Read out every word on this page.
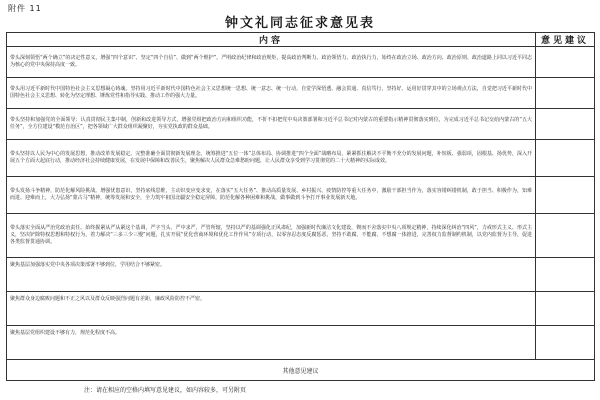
附件 11
钟文礼同志征求意见表
内容	意见建议
带头深刻领悟“两个确立”的决定性意义，增强“四个意识”、坚定“四个自信”、做到“两个维护”。严明政治纪律和政治规矩，提高政治判断力、政治领悟力、政治执行力，始终在政治立场、政治方向、政治原则、政治道路上同以习近平同志为核心的党中央保持高度一致。	
带头用习近平新时代中国特色社会主义思想凝心铸魂。坚持用习近平新时代中国特色社会主义思想统一思想、统一意志、统一行动，自觉学深悟透、融会贯通、真信笃行，坚持好、运用好贯穿其中的立场观点方法，自觉把习近平新时代中国特色社会主义思想、转化为坚定理想、锤炼党性和指导实践、推动工作的强大力量。	
带头坚持和加强党的全面领导：认真贯彻民主集中制，创新和改进领导方式，增强党组把政治方向和组织功能，不折不扣把党中央决策部署和习近平总书记对内蒙古的重要指示精神贯彻落实到位，为完成习近平总书记交给内蒙古的“五大任务”，全方位建设“模范自治区”，把各领域广大群众组织凝聚好，夯实党执政的群众基础。	
带头坚持以人民为中心的发展思想，推动改革发展稳定。完整准确全面贯彻新发展理念，统筹推进“五位一体”总体布局、协调推进“四个全面”战略布局，紧紧抓住解决不平衡不充分的发展问题，补短板、强弱项，固根基、扬优势，深入开展五个方面大起底行动，推动经济社会持续健康发展，在发展中保障和改善民生，聚焦解决人民群众急难愁盼问题，让人民群众享受到学习贯彻党的二十大精神的实际成效。	
带头发扬斗争精神，防范化解风险挑战。增强忧患意识，坚持底线思维，主动识变应变求变，在落实“五大任务”、推动高质量发展、乡村振兴、疫情防控等重大任务中，激励干部担当作为，落实容错纠错机制，敢于担当、积极作为，知难而进、迎难而上，大力弘扬“蒙古马”精神，统筹发展和安全，全力筑牢祖国北疆安全稳定屏障，防范化解各种困难和挑战，做事做到斗争打开事业发展新天地。	
带头落实全面从严治党政治责任。始终握紧从严从紧这个基调，严字当头、严中求严，严管所辖，坚持以严的基调强化正风肃纪，加强新时代廉洁文化建设，锲而不舍落实中央八项规定精神，持续深化纠治“四风”，力戒形式主义、形式主义，坚决铲除特权思想和特权行为，着力解决“三多三少三慢”问题，扎实开展“优化营商环境和优化工作作风”专项行动，以零容忍态度反腐惩恶，坚持不敢腐、不能腐、不想腐一体推进，完善权力监督制约机制，以党内监督为主导，促进各类监督贯通协调。	
聚焦基层加强落实党中央各项决策部署不够到位，学用结合不够紧密。	
聚焦群众身边腐败问题和不正之风以及群众反映强烈问题有差距，廉政风险防控不严密。	
聚焦基层党组织建设不够有力，规范化程度不高。	
其他意见建议	
注：请在相应的空格内填写意见建议，如内容较多，可另附页
